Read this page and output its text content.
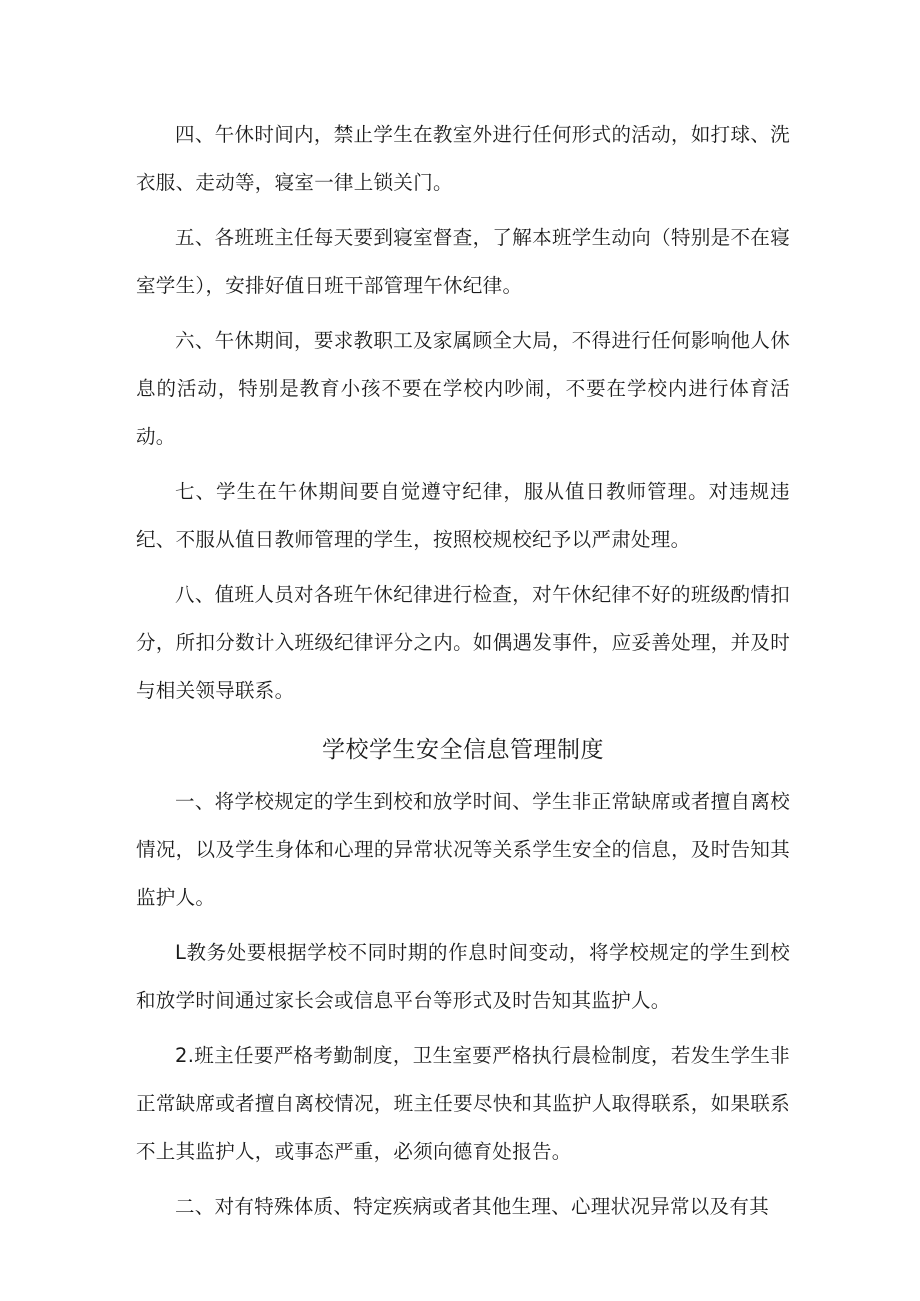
四、午休时间内，禁止学生在教室外进行任何形式的活动，如打球、洗衣服、走动等，寝室一律上锁关门。

五、各班班主任每天要到寝室督查，了解本班学生动向（特别是不在寝室学生），安排好值日班干部管理午休纪律。

六、午休期间，要求教职工及家属顾全大局，不得进行任何影响他人休息的活动，特别是教育小孩不要在学校内吵闹，不要在学校内进行体育活动。

七、学生在午休期间要自觉遵守纪律，服从值日教师管理。对违规违纪、不服从值日教师管理的学生，按照校规校纪予以严肃处理。

八、值班人员对各班午休纪律进行检查，对午休纪律不好的班级酌情扣分，所扣分数计入班级纪律评分之内。如偶遇发事件，应妥善处理，并及时与相关领导联系。

学校学生安全信息管理制度

一、将学校规定的学生到校和放学时间、学生非正常缺席或者擅自离校情况，以及学生身体和心理的异常状况等关系学生安全的信息，及时告知其监护人。

L教务处要根据学校不同时期的作息时间变动，将学校规定的学生到校和放学时间通过家长会或信息平台等形式及时告知其监护人。

2.班主任要严格考勤制度，卫生室要严格执行晨检制度，若发生学生非正常缺席或者擅自离校情况，班主任要尽快和其监护人取得联系，如果联系不上其监护人，或事态严重，必须向德育处报告。

二、对有特殊体质、特定疾病或者其他生理、心理状况异常以及有其
